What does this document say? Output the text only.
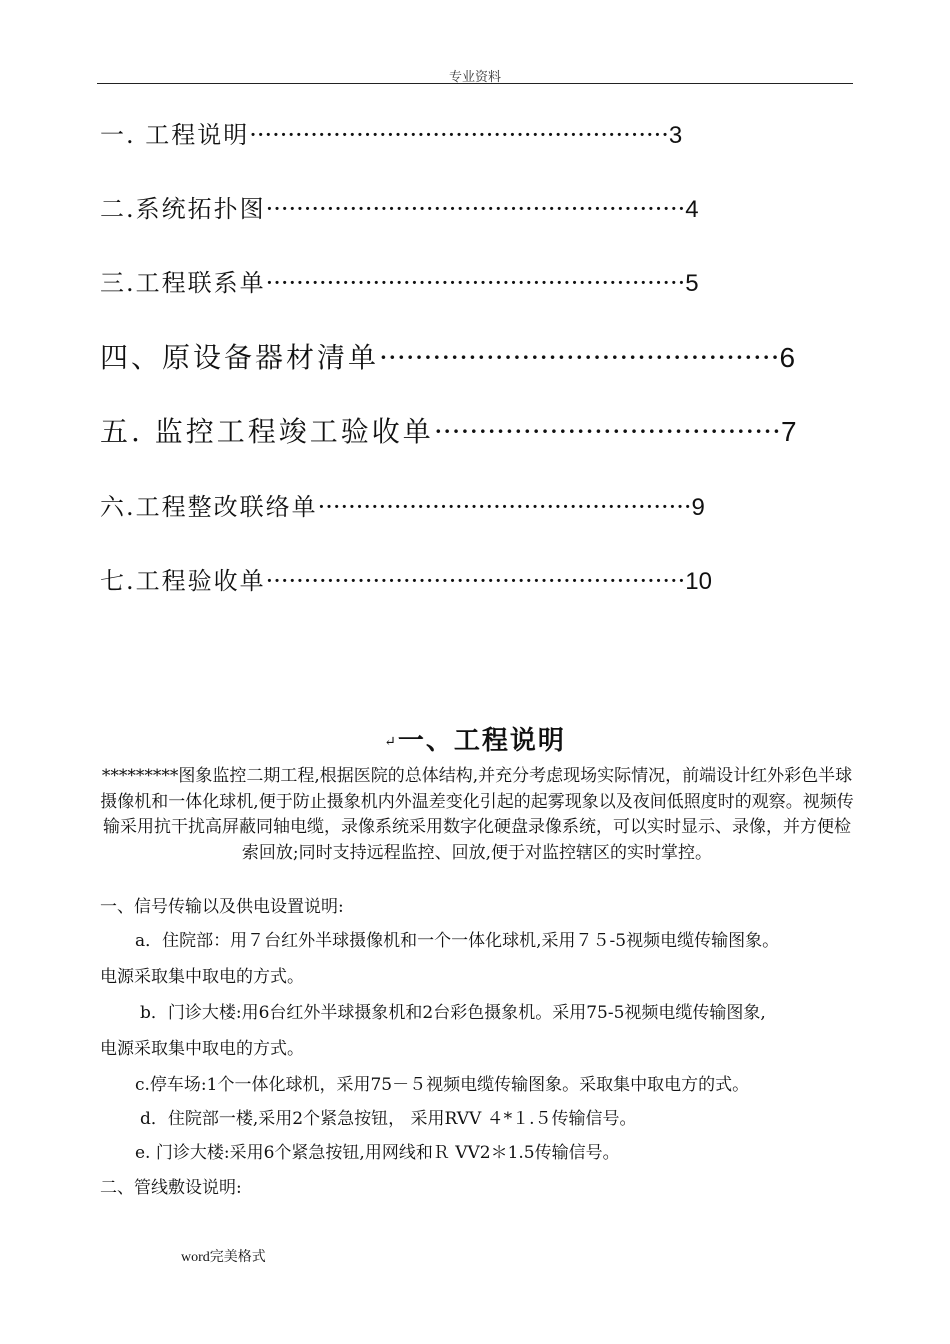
专业资料
一. 工程说明·······················································3
二.系统拓扑图·······················································4
三.工程联系单·······················································5
四、原设备器材清单·············································6
五. 监控工程竣工验收单·······································7
六.工程整改联络单·················································9
七.工程验收单·······················································10
↵一、工程说明
*********图象监控二期工程,根据医院的总体结构,并充分考虑现场实际情况，前端设计红外彩色半球摄像机和一体化球机,便于防止摄象机内外温差变化引起的起雾现象以及夜间低照度时的观察。视频传输采用抗干扰高屏蔽同轴电缆，录像系统采用数字化硬盘录像系统，可以实时显示、录像，并方便检索回放;同时支持远程监控、回放,便于对监控辖区的实时掌控。
一、信号传输以及供电设置说明:
a．住院部：用７台红外半球摄像机和一个一体化球机,采用７５-5视频电缆传输图象。
电源采取集中取电的方式。
b．门诊大楼:用6台红外半球摄象机和2台彩色摄象机。采用75-5视频电缆传输图象,
电源采取集中取电的方式。
c.停车场:1个一体化球机，采用75－５视频电缆传输图象。采取集中取电方的式。
d．住院部一楼,采用2个紧急按钮， 采用RVV ４*１.５传输信号。
e. 门诊大楼:采用6个紧急按钮,用网线和Ｒ VV2＊1.5传输信号。
二、管线敷设说明:
word完美格式
